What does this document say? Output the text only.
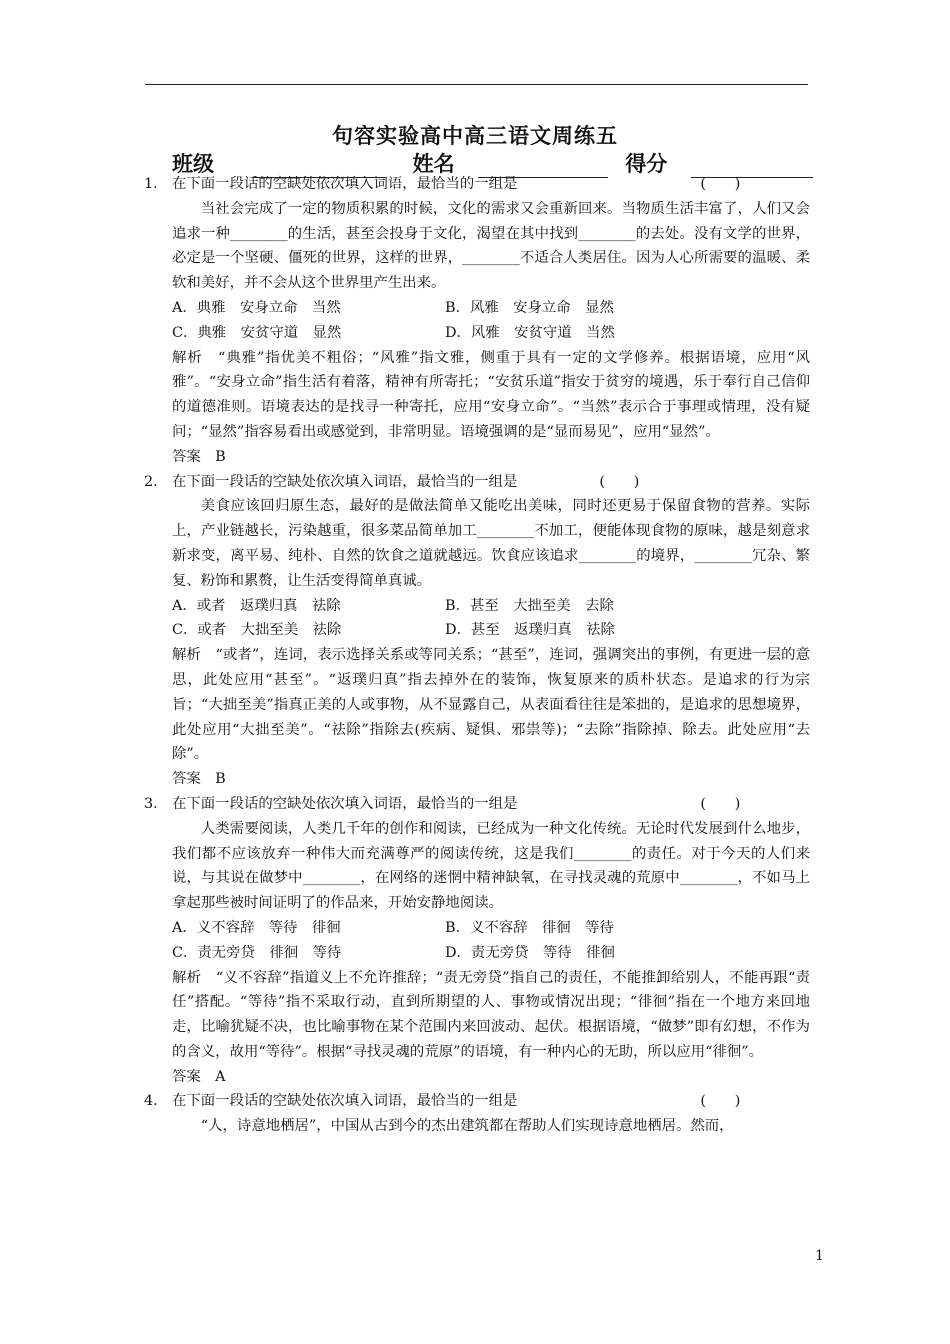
句容实验高中高三语文周练五
班级	姓名	得分
1． 在下面一段话的空缺处依次填入词语，最恰当的一组是	(　　)
当社会完成了一定的物质积累的时候，文化的需求又会重新回来。当物质生活丰富了，人们又会追求一种________的生活，甚至会投身于文化，渴望在其中找到________的去处。没有文学的世界，必定是一个坚硬、僵死的世界，这样的世界，________不适合人类居住。因为人心所需要的温暖、柔软和美好，并不会从这个世界里产生出来。
A．典雅　安身立命　当然	B．风雅　安身立命　显然
C．典雅　安贫守道　显然	D．风雅　安贫守道　当然
解析　“典雅”指优美不粗俗；“风雅”指文雅，侧重于具有一定的文学修养。根据语境，应用“风雅”。“安身立命”指生活有着落，精神有所寄托；“安贫乐道”指安于贫穷的境遇，乐于奉行自己信仰的道德准则。语境表达的是找寻一种寄托，应用“安身立命”。“当然”表示合于事理或情理，没有疑问；“显然”指容易看出或感觉到，非常明显。语境强调的是“显而易见”，应用“显然”。
答案　B
2． 在下面一段话的空缺处依次填入词语，最恰当的一组是	(　　)
美食应该回归原生态，最好的是做法简单又能吃出美味，同时还更易于保留食物的营养。实际上，产业链越长，污染越重，很多菜品简单加工________不加工，便能体现食物的原味，越是刻意求新求变，离平易、纯朴、自然的饮食之道就越远。饮食应该追求________的境界，________冗杂、繁复、粉饰和累赘，让生活变得简单真诚。
A．或者　返璞归真　祛除	B．甚至　大拙至美　去除
C．或者　大拙至美　祛除	D．甚至　返璞归真　祛除
解析　“或者”，连词，表示选择关系或等同关系；“甚至”，连词，强调突出的事例，有更进一层的意思，此处应用“甚至”。“返璞归真”指去掉外在的装饰，恢复原来的质朴状态。是追求的行为宗旨；“大拙至美”指真正美的人或事物，从不显露自己，从表面看往往是笨拙的，是追求的思想境界，此处应用“大拙至美”。“祛除”指除去(疾病、疑惧、邪祟等)；“去除”指除掉、除去。此处应用“去除”。
答案　B
3． 在下面一段话的空缺处依次填入词语，最恰当的一组是	(　　)
人类需要阅读，人类几千年的创作和阅读，已经成为一种文化传统。无论时代发展到什么地步，我们都不应该放弃一种伟大而充满尊严的阅读传统，这是我们________的责任。对于今天的人们来说，与其说在做梦中________，在网络的迷惘中精神缺氧，在寻找灵魂的荒原中________，不如马上拿起那些被时间证明了的作品来，开始安静地阅读。
A．义不容辞　等待　徘徊	B．义不容辞　徘徊　等待
C．责无旁贷　徘徊　等待	D．责无旁贷　等待　徘徊
解析　“义不容辞”指道义上不允许推辞；“责无旁贷”指自己的责任，不能推卸给别人，不能再跟“责任”搭配。“等待”指不采取行动，直到所期望的人、事物或情况出现；“徘徊”指在一个地方来回地走，比喻犹疑不决，也比喻事物在某个范围内来回波动、起伏。根据语境，“做梦”即有幻想，不作为的含义，故用“等待”。根据“寻找灵魂的荒原”的语境，有一种内心的无助，所以应用“徘徊”。
答案　A
4． 在下面一段话的空缺处依次填入词语，最恰当的一组是	(　　)
“人，诗意地栖居”，中国从古到今的杰出建筑都在帮助人们实现诗意地栖居。然而，
1
